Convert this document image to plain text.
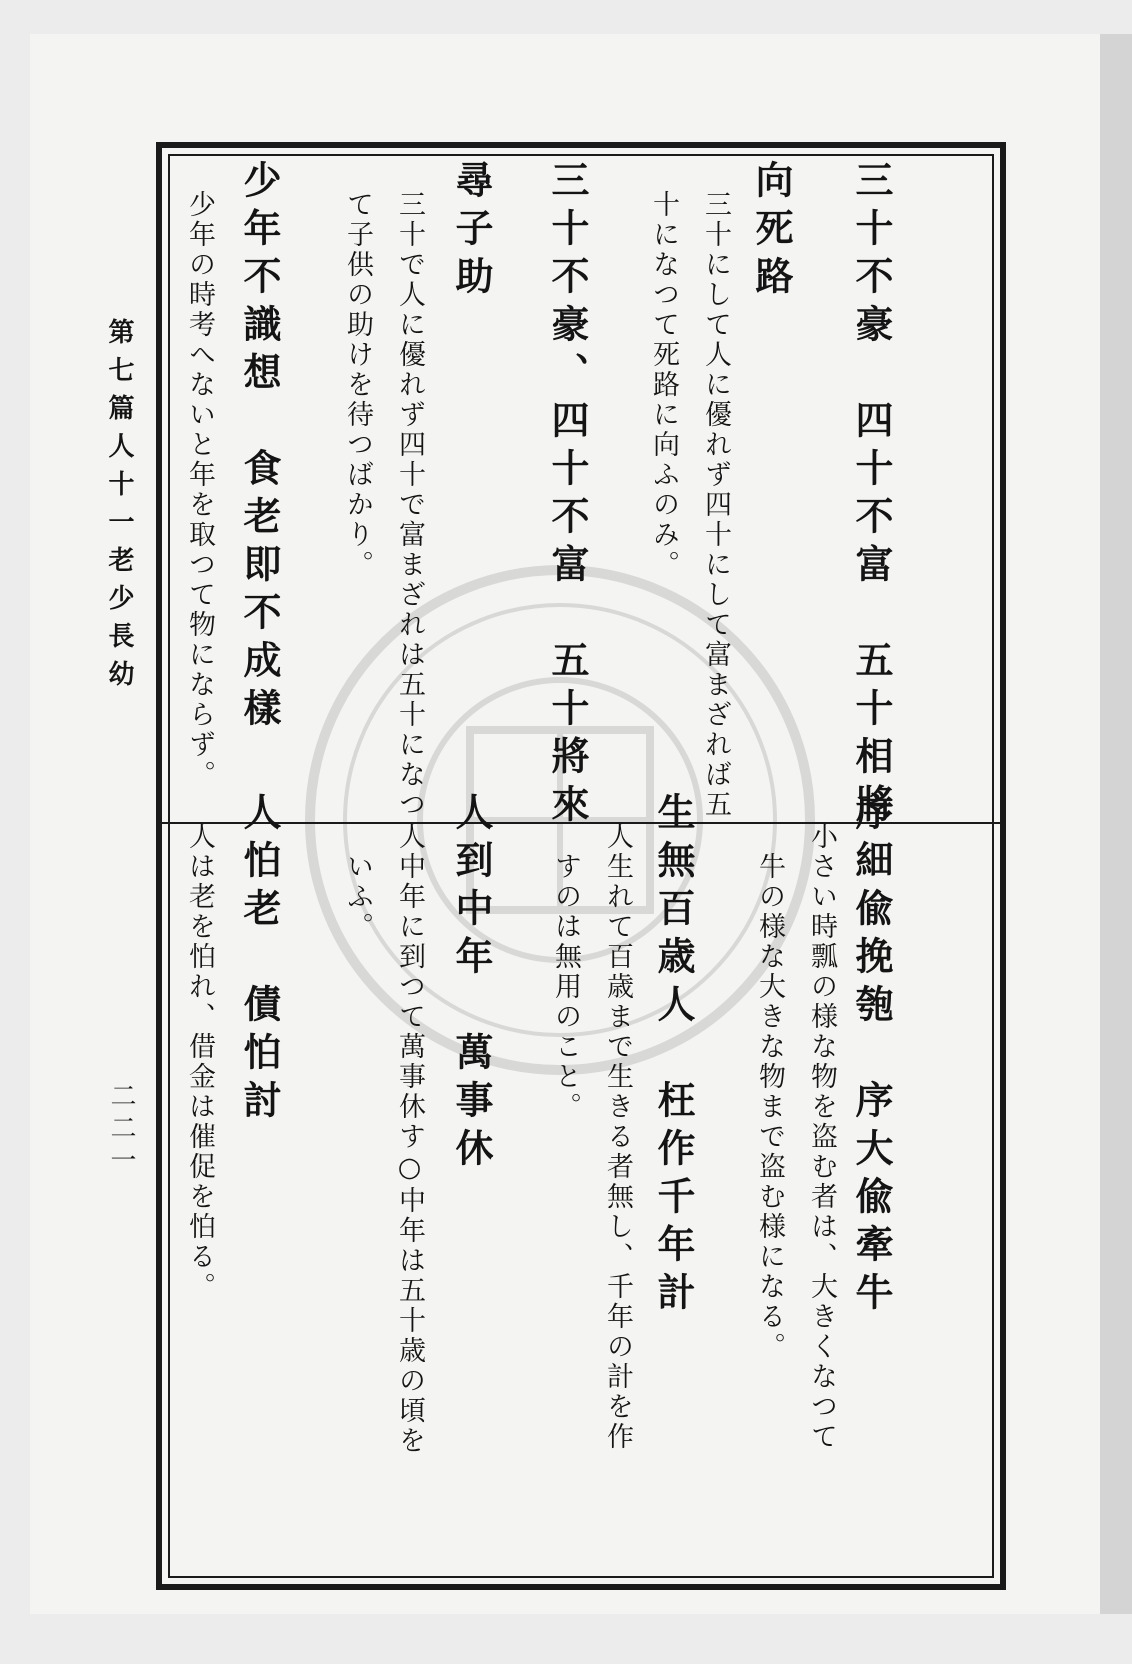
三十不豪　四十不富　五十相將
向死路
三十にして人に優れず四十にして富まざれば五
十になつて死路に向ふのみ。
三十不豪、四十不富　五十將來
尋子助
三十で人に優れず四十で富まざれは五十になつ
て子供の助けを待つばかり。
少年不識想　食老即不成樣
少年の時考へないと年を取つて物にならず。
序細偸挽匏　序大偸牽牛
小さい時瓢の様な物を盗む者は、大きくなつて
牛の様な大きな物まで盗む様になる。
生無百歳人　枉作千年計
人生れて百歳まで生きる者無し、千年の計を作
すのは無用のこと。
人到中年　萬事休
人中年に到つて萬事休す○中年は五十歳の頃を
いふ。
人怕老　債怕討
人は老を怕れ、借金は催促を怕る。
第七篇人十一老少長幼
二二一
